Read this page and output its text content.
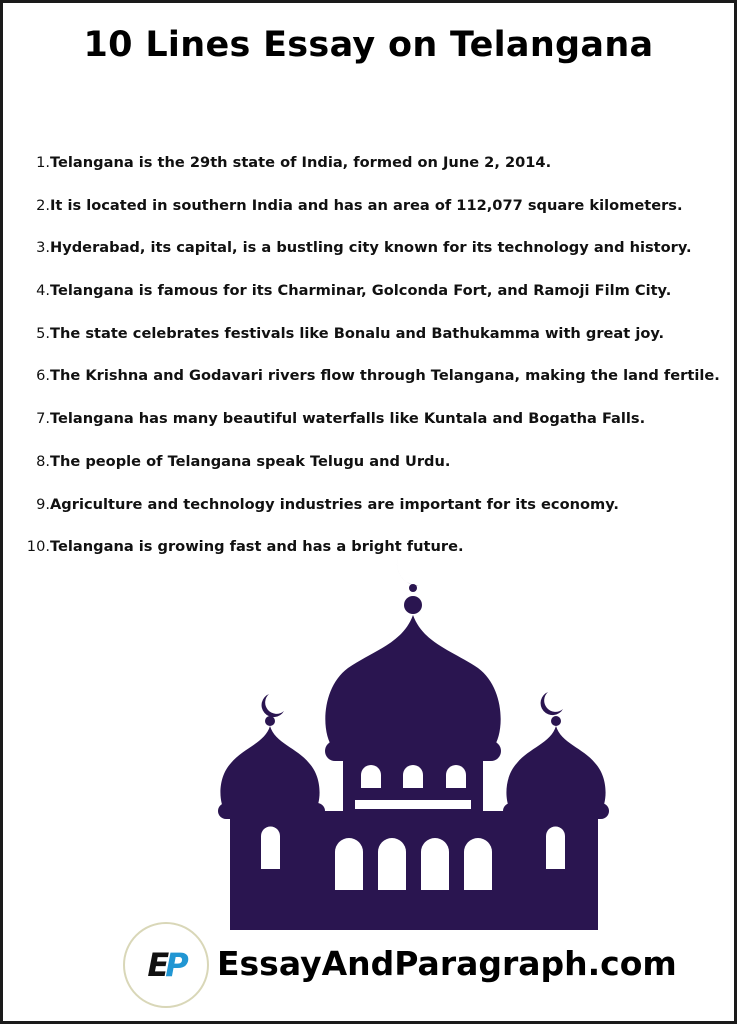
10 Lines Essay on Telangana
1. Telangana is the 29th state of India, formed on June 2, 2014.
2. It is located in southern India and has an area of 112,077 square kilometers.
3. Hyderabad, its capital, is a bustling city known for its technology and history.
4. Telangana is famous for its Charminar, Golconda Fort, and Ramoji Film City.
5. The state celebrates festivals like Bonalu and Bathukamma with great joy.
6. The Krishna and Godavari rivers flow through Telangana, making the land fertile.
7. Telangana has many beautiful waterfalls like Kuntala and Bogatha Falls.
8. The people of Telangana speak Telugu and Urdu.
9. Agriculture and technology industries are important for its economy.
10. Telangana is growing fast and has a bright future.
E P EssayAndParagraph.com
